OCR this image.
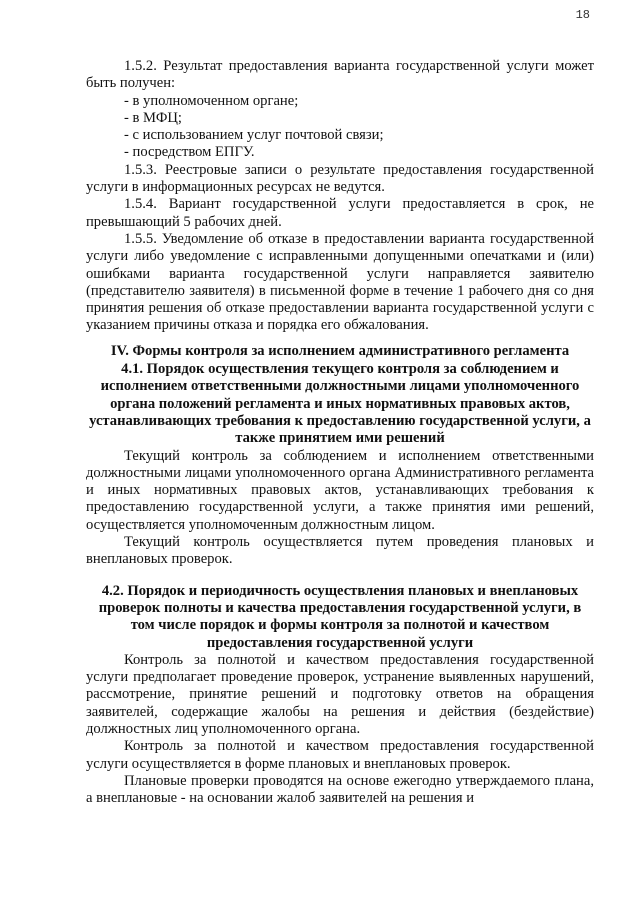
18

1.5.2. Результат предоставления варианта государственной услуги может быть получен:

- в уполномоченном органе;

- в МФЦ;

- с использованием услуг почтовой связи;

- посредством ЕПГУ.

1.5.3. Реестровые записи о результате предоставления государственной услуги в информационных ресурсах не ведутся.

1.5.4. Вариант государственной услуги предоставляется в срок, не превышающий 5 рабочих дней.

1.5.5. Уведомление об отказе в предоставлении варианта государственной услуги либо уведомление с исправленными допущенными опечатками и (или) ошибками варианта государственной услуги направляется заявителю (представителю заявителя) в письменной форме в течение 1 рабочего дня со дня принятия решения об отказе предоставлении варианта государственной услуги с указанием причины отказа и порядка его обжалования.

IV. Формы контроля за исполнением административного регламента

4.1. Порядок осуществления текущего контроля за соблюдением и исполнением ответственными должностными лицами уполномоченного органа положений регламента и иных нормативных правовых актов, устанавливающих требования к предоставлению государственной услуги, а также принятием ими решений

Текущий контроль за соблюдением и исполнением ответственными должностными лицами уполномоченного органа Административного регламента и иных нормативных правовых актов, устанавливающих требования к предоставлению государственной услуги, а также принятия ими решений, осуществляется уполномоченным должностным лицом.

Текущий контроль осуществляется путем проведения плановых и внеплановых проверок.

4.2. Порядок и периодичность осуществления плановых и внеплановых проверок полноты и качества предоставления государственной услуги, в том числе порядок и формы контроля за полнотой и качеством предоставления государственной услуги

Контроль за полнотой и качеством предоставления государственной услуги предполагает проведение проверок, устранение выявленных нарушений, рассмотрение, принятие решений и подготовку ответов на обращения заявителей, содержащие жалобы на решения и действия (бездействие) должностных лиц уполномоченного органа.

Контроль за полнотой и качеством предоставления государственной услуги осуществляется в форме плановых и внеплановых проверок.

Плановые проверки проводятся на основе ежегодно утверждаемого плана, а внеплановые - на основании жалоб заявителей на решения и
